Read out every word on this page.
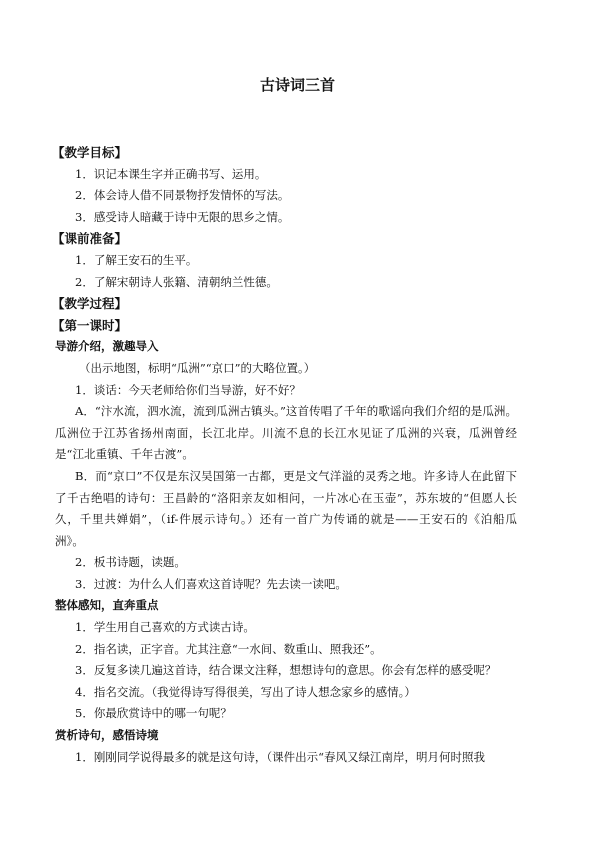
古诗词三首
【教学目标】
1．识记本课生字并正确书写、运用。
2．体会诗人借不同景物抒发情怀的写法。
3．感受诗人暗藏于诗中无限的思乡之情。
【课前准备】
1．了解王安石的生平。
2．了解宋朝诗人张籍、清朝纳兰性德。
【教学过程】
【第一课时】
导游介绍，激趣导入
（出示地图，标明“瓜洲”“京口”的大略位置。）
1．谈话：今天老师给你们当导游，好不好？
A．“汴水流，泗水流，流到瓜洲古镇头。”这首传唱了千年的歌谣向我们介绍的是瓜洲。瓜洲位于江苏省扬州南面，长江北岸。川流不息的长江水见证了瓜洲的兴衰，瓜洲曾经是“江北重镇、千年古渡”。
B．而“京口”不仅是东汉吴国第一古都，更是文气洋溢的灵秀之地。许多诗人在此留下了千古绝唱的诗句：王昌龄的“洛阳亲友如相问，一片冰心在玉壶”，苏东坡的“但愿人长久，千里共婵娟”，（if-件展示诗句。）还有一首广为传诵的就是——王安石的《泊船瓜洲》。
2．板书诗题，读题。
3．过渡：为什么人们喜欢这首诗呢？先去读一读吧。
整体感知，直奔重点
1．学生用自己喜欢的方式读古诗。
2．指名读，正字音。尤其注意“一水间、数重山、照我还”。
3．反复多读几遍这首诗，结合课文注释，想想诗句的意思。你会有怎样的感受呢？
4．指名交流。（我觉得诗写得很美，写出了诗人想念家乡的感情。）
5．你最欣赏诗中的哪一句呢？
赏析诗句，感悟诗境
1．刚刚同学说得最多的就是这句诗，（课件出示“春风又绿江南岸，明月何时照我
